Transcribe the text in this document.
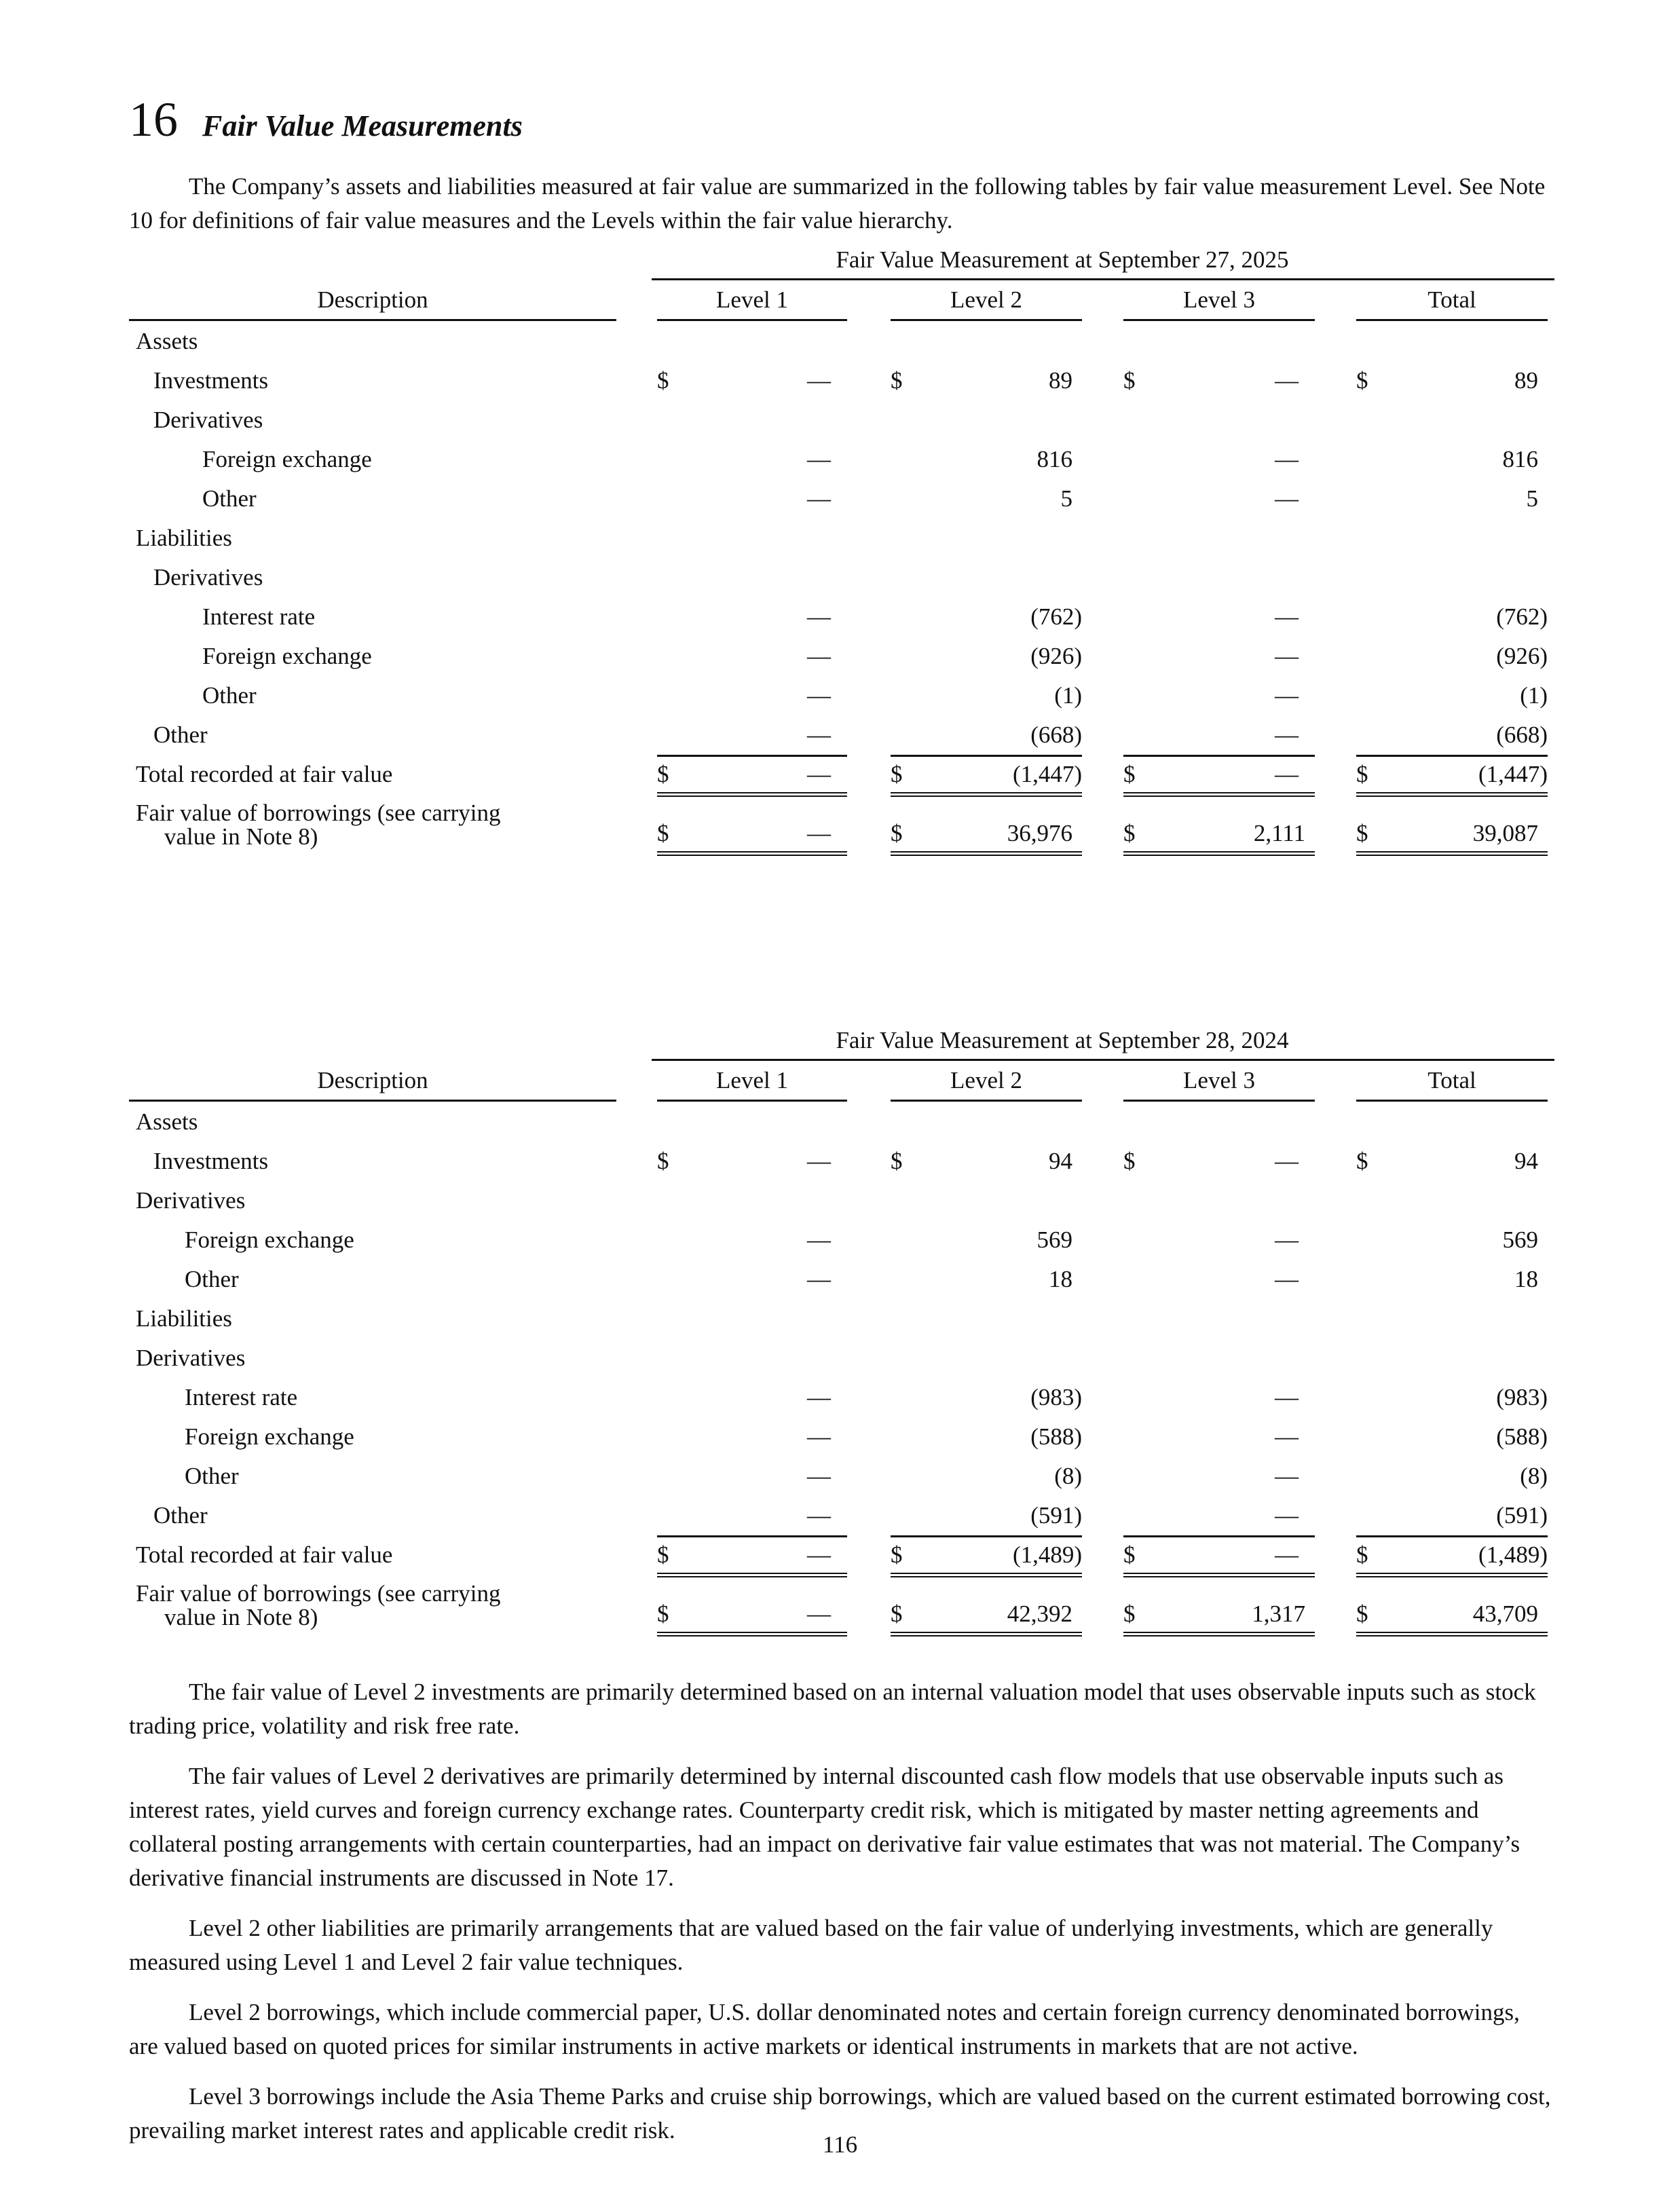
16 Fair Value Measurements

The Company’s assets and liabilities measured at fair value are summarized in the following tables by fair value measurement Level. See Note 10 for definitions of fair value measures and the Levels within the fair value hierarchy.

Fair Value Measurement at September 27, 2025
Description	Level 1	Level 2	Level 3	Total
Assets
Investments	$	—	$	89	$	—	$	89
Derivatives
Foreign exchange	—	816	—	816
Other	—	5	—	5
Liabilities
Derivatives
Interest rate	—	(762)	—	(762)
Foreign exchange	—	(926)	—	(926)
Other	—	(1)	—	(1)
Other	—	(668)	—	(668)
Total recorded at fair value	$	—	$	(1,447) $	—	$	(1,447)
Fair value of borrowings (see carrying
value in Note 8)	$	—	$	36,976	$	2,111	$	39,087
Fair Value Measurement at September 28, 2024
Description	Level 1	Level 2	Level 3	Total
Assets
Investments	$	—	$	94	$	—	$	94
Derivatives
Foreign exchange	—	569	—	569
Other	—	18	—	18
Liabilities
Derivatives
Interest rate	—	(983)	—	(983)
Foreign exchange	—	(588)	—	(588)
Other	—	(8)	—	(8)
Other	—	(591)	—	(591)
Total recorded at fair value	$	—	$	(1,489) $	—	$	(1,489)
Fair value of borrowings (see carrying
value in Note 8)	$	—	$	42,392	$	1,317	$	43,709

The fair value of Level 2 investments are primarily determined based on an internal valuation model that uses observable inputs such as stock trading price, volatility and risk free rate.

The fair values of Level 2 derivatives are primarily determined by internal discounted cash flow models that use observable inputs such as interest rates, yield curves and foreign currency exchange rates. Counterparty credit risk, which is mitigated by master netting agreements and collateral posting arrangements with certain counterparties, had an impact on derivative fair value estimates that was not material. The Company’s derivative financial instruments are discussed in Note 17.

Level 2 other liabilities are primarily arrangements that are valued based on the fair value of underlying investments, which are generally measured using Level 1 and Level 2 fair value techniques.

Level 2 borrowings, which include commercial paper, U.S. dollar denominated notes and certain foreign currency denominated borrowings, are valued based on quoted prices for similar instruments in active markets or identical instruments in markets that are not active.

Level 3 borrowings include the Asia Theme Parks and cruise ship borrowings, which are valued based on the current estimated borrowing cost, prevailing market interest rates and applicable credit risk.

116
